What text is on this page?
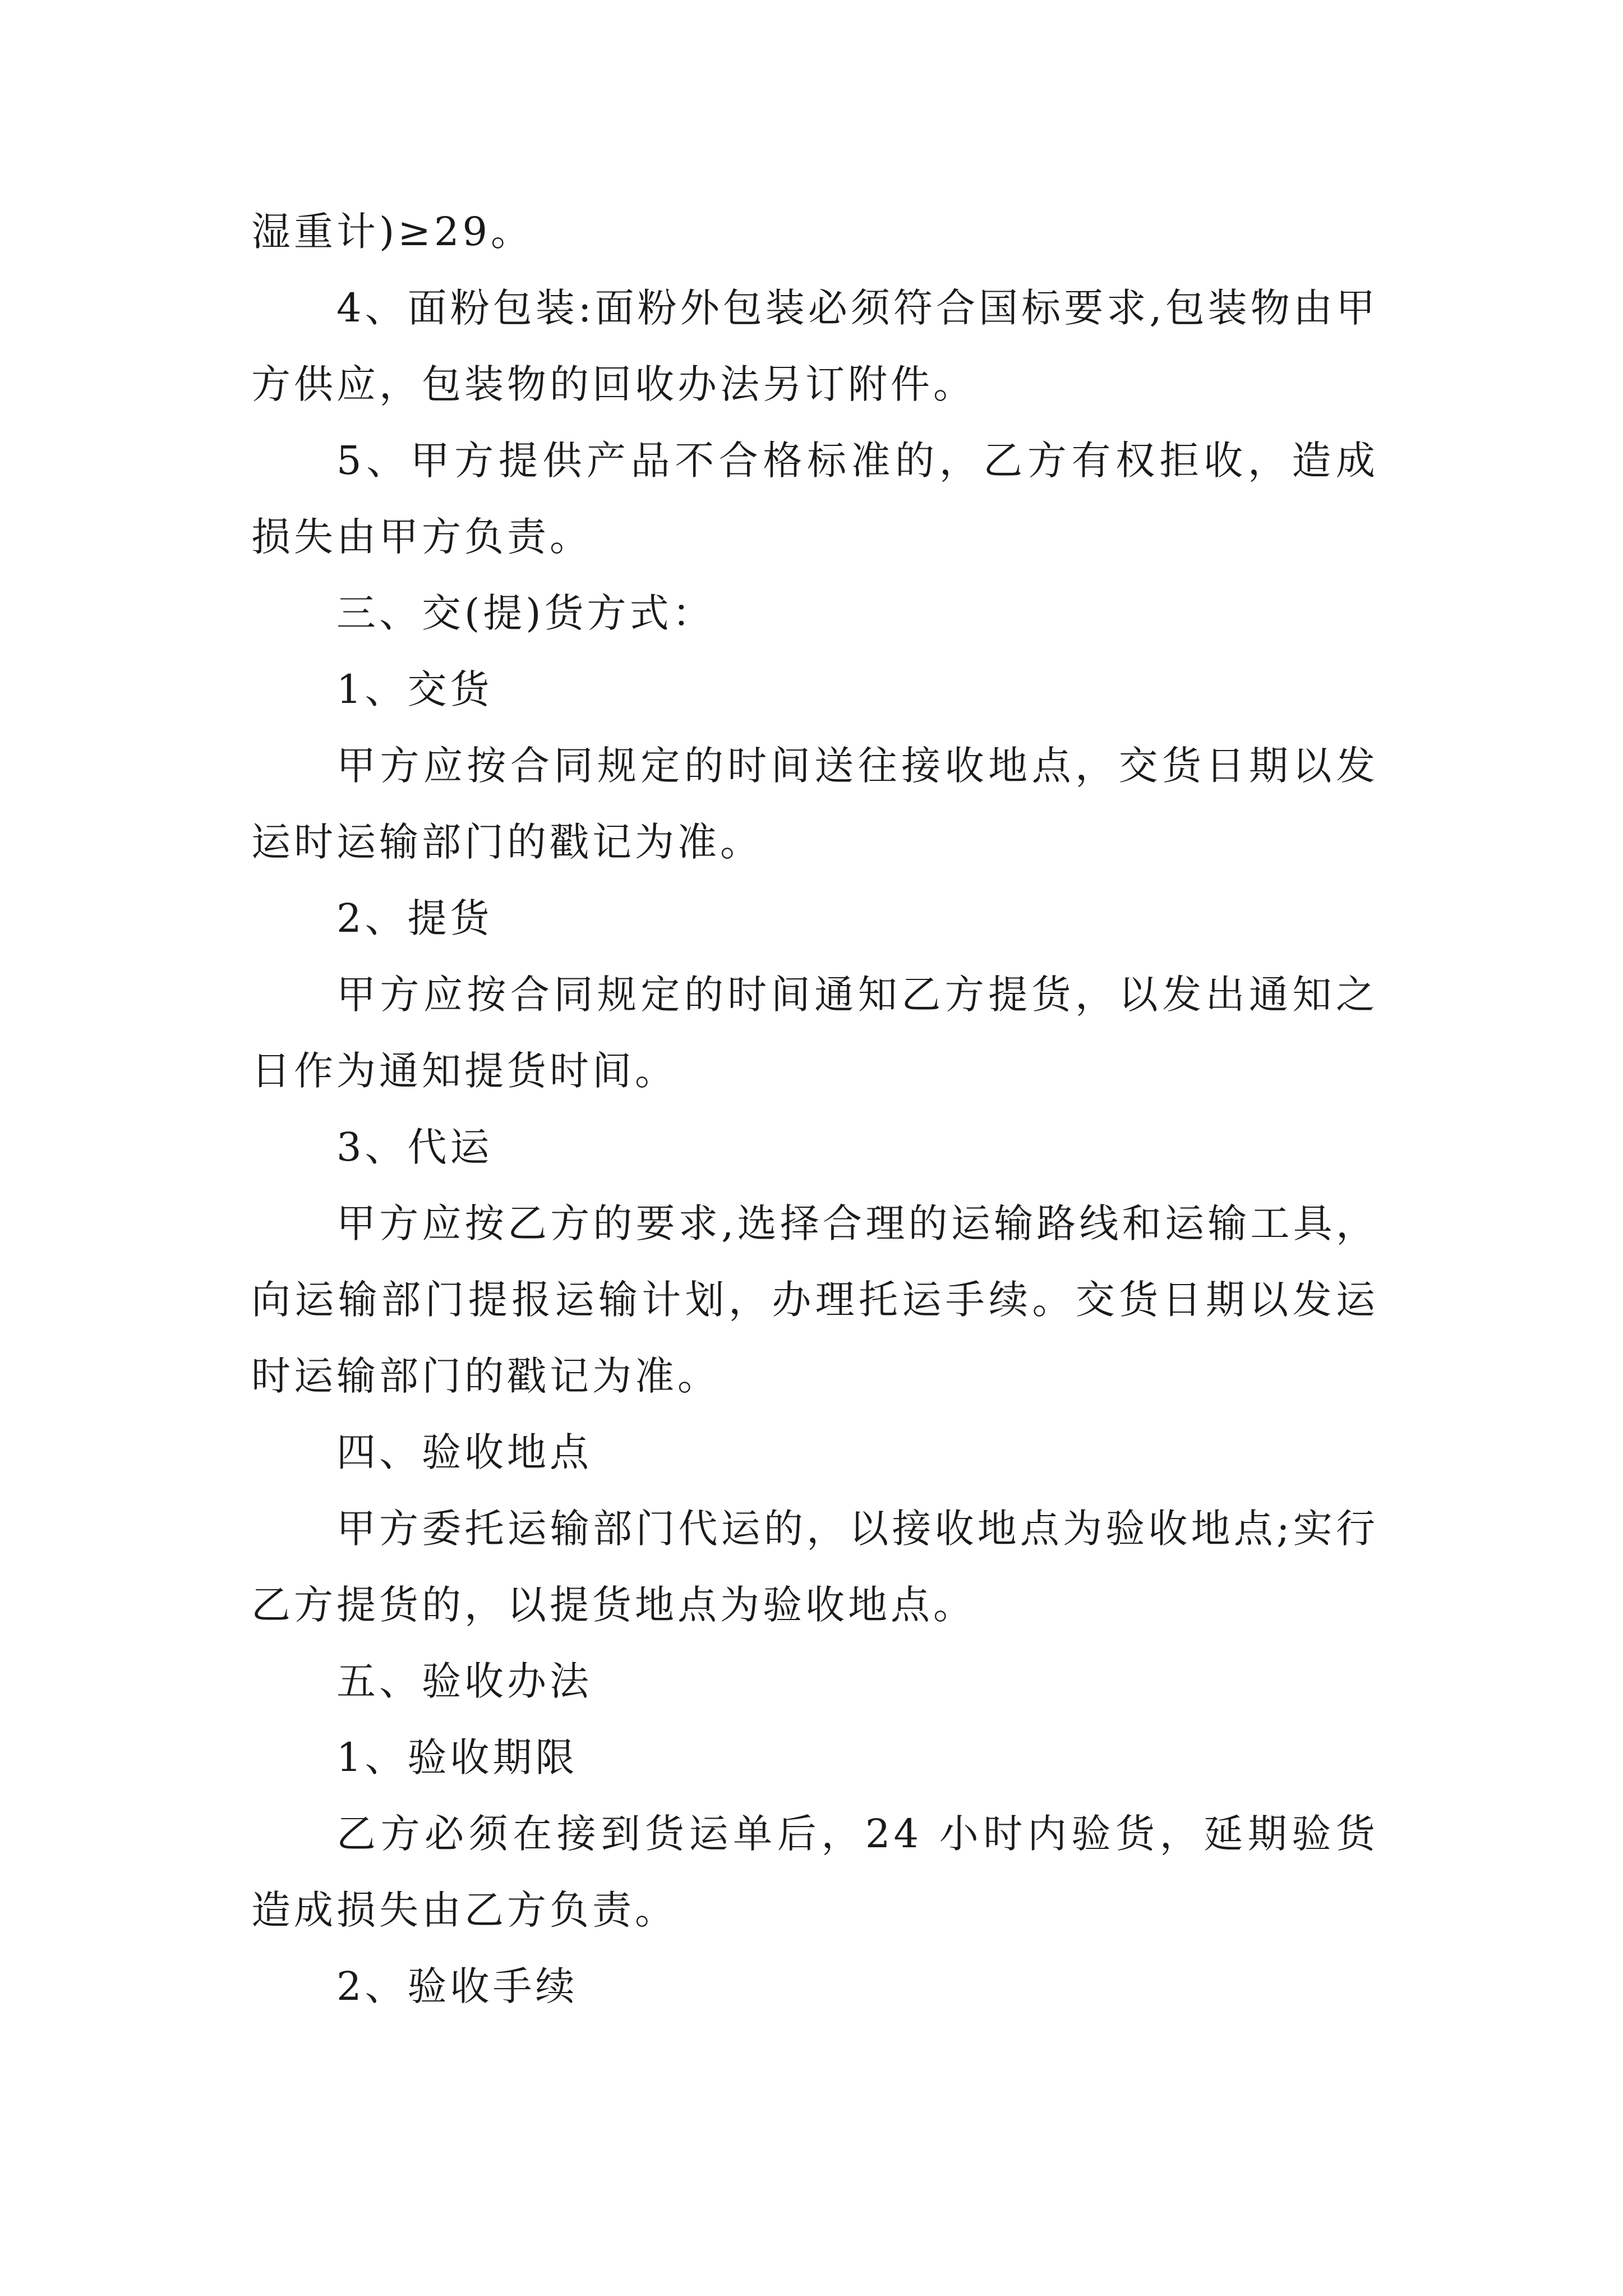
湿重计)≥29。

4、面粉包装:面粉外包装必须符合国标要求,包装物由甲方供应，包装物的回收办法另订附件。

5、甲方提供产品不合格标准的，乙方有权拒收，造成损失由甲方负责。

三、交(提)货方式：

1、交货

甲方应按合同规定的时间送往接收地点，交货日期以发运时运输部门的戳记为准。

2、提货

甲方应按合同规定的时间通知乙方提货，以发出通知之日作为通知提货时间。

3、代运

甲方应按乙方的要求,选择合理的运输路线和运输工具，向运输部门提报运输计划，办理托运手续。交货日期以发运时运输部门的戳记为准。

四、验收地点

甲方委托运输部门代运的，以接收地点为验收地点;实行乙方提货的，以提货地点为验收地点。

五、验收办法

1、验收期限

乙方必须在接到货运单后，24 小时内验货，延期验货造成损失由乙方负责。

2、验收手续
